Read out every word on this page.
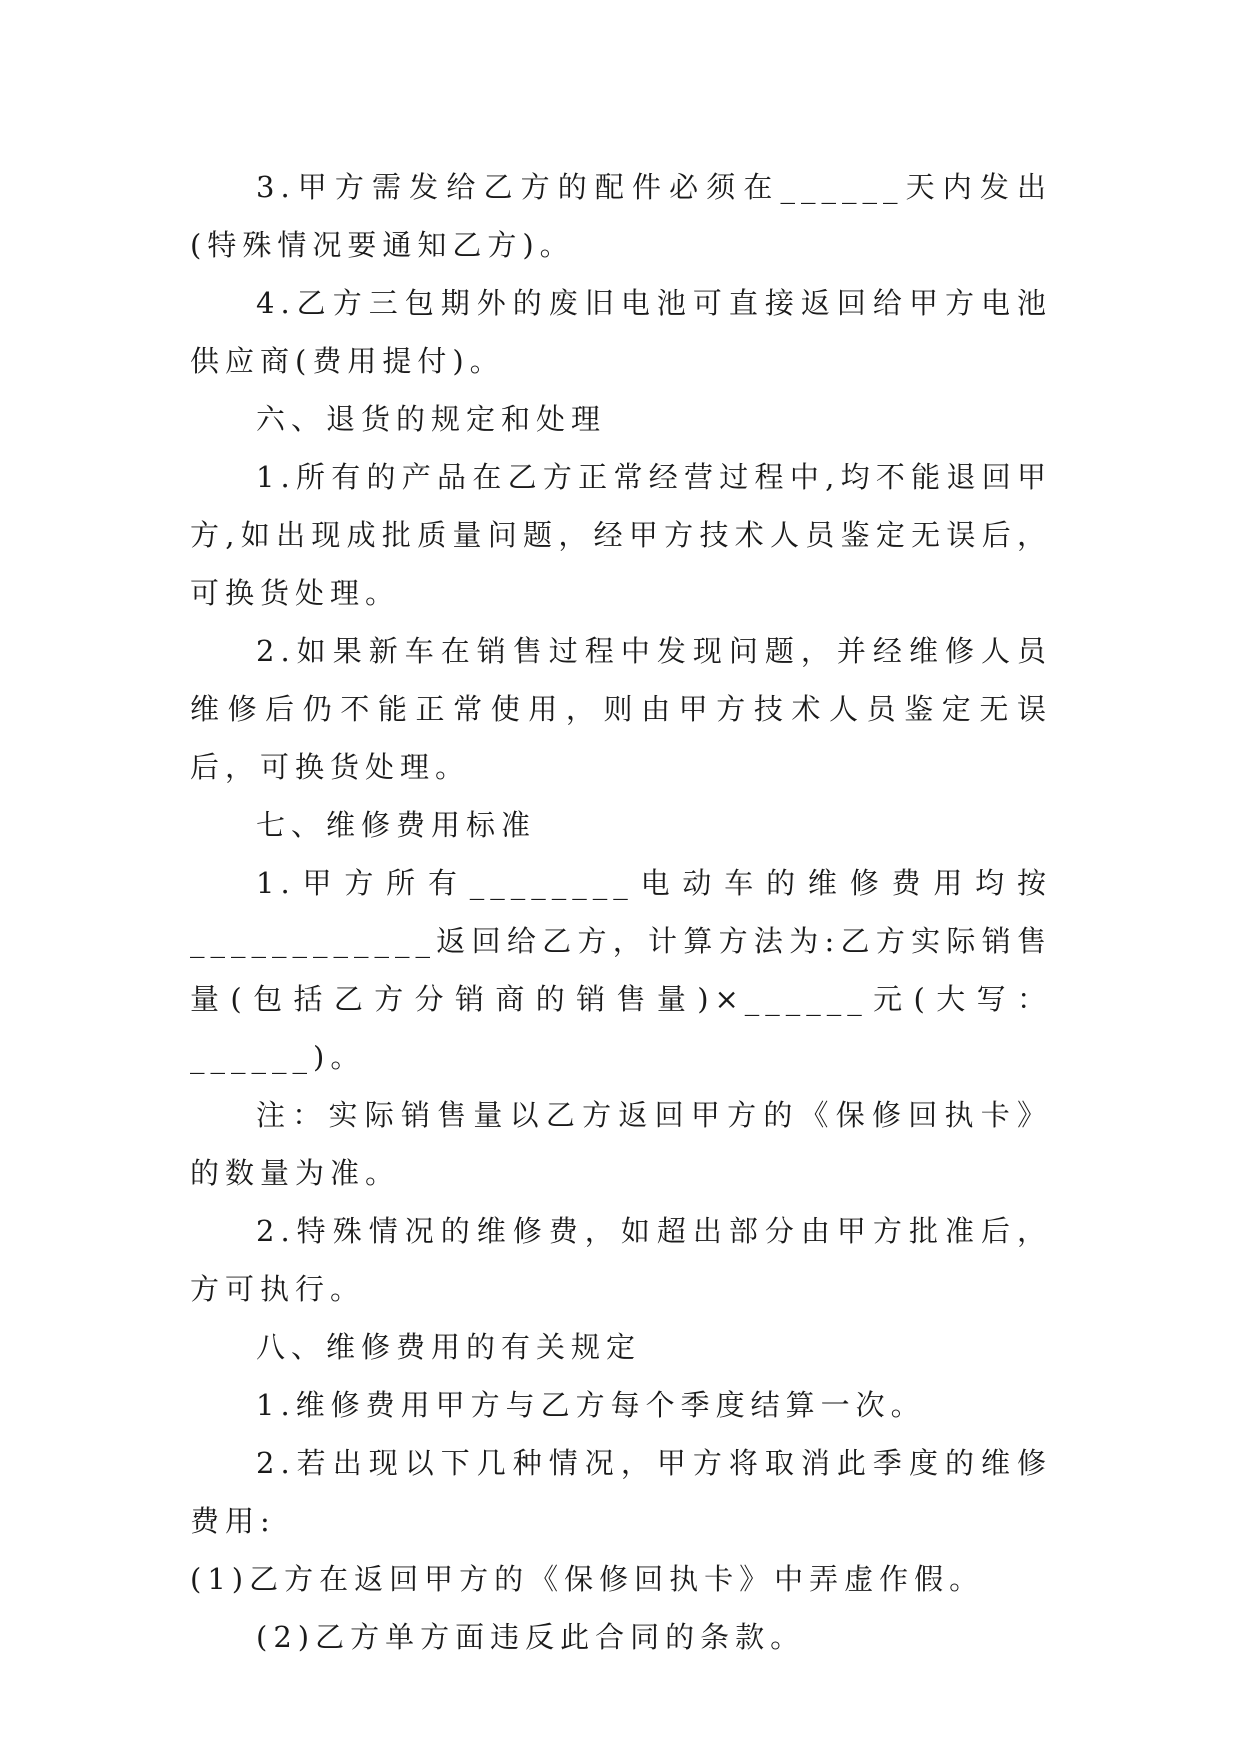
3.甲方需发给乙方的配件必须在______天内发出(特殊情况要通知乙方)。

4.乙方三包期外的废旧电池可直接返回给甲方电池供应商(费用提付)。

六、退货的规定和处理

1.所有的产品在乙方正常经营过程中,均不能退回甲方,如出现成批质量问题，经甲方技术人员鉴定无误后，可换货处理。

2.如果新车在销售过程中发现问题，并经维修人员维修后仍不能正常使用，则由甲方技术人员鉴定无误后，可换货处理。

七、维修费用标准

1.甲方所有________电动车的维修费用均按____________返回给乙方，计算方法为:乙方实际销售量(包括乙方分销商的销售量)×______元(大写：______)。

注：实际销售量以乙方返回甲方的《保修回执卡》的数量为准。

2.特殊情况的维修费，如超出部分由甲方批准后，方可执行。

八、维修费用的有关规定

1.维修费用甲方与乙方每个季度结算一次。

2.若出现以下几种情况，甲方将取消此季度的维修费用:

(1)乙方在返回甲方的《保修回执卡》中弄虚作假。

(2)乙方单方面违反此合同的条款。
